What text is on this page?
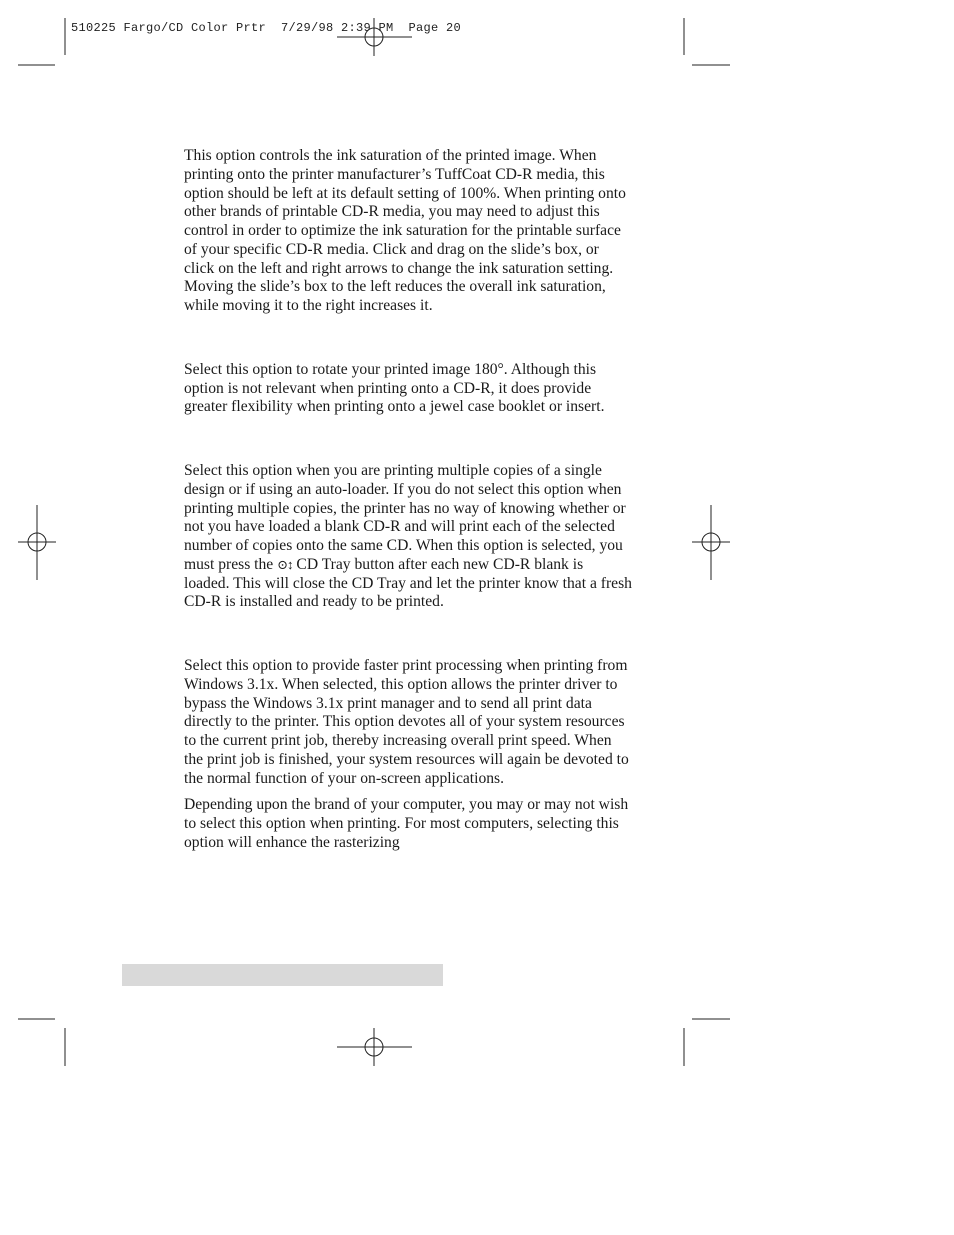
510225 Fargo/CD Color Prtr  7/29/98 2:39 PM  Page 20

This option controls the ink saturation of the printed image. When printing onto the printer manufacturer’s TuffCoat CD-R media, this option should be left at its default setting of 100%. When printing onto other brands of printable CD-R media, you may need to adjust this control in order to optimize the ink saturation for the printable surface of your specific CD-R media. Click and drag on the slide’s box, or click on the left and right arrows to change the ink saturation setting. Moving the slide’s box to the left reduces the overall ink saturation, while moving it to the right increases it.

Select this option to rotate your printed image 180°. Although this option is not relevant when printing onto a CD-R, it does provide greater flexibility when printing onto a jewel case booklet or insert.

Select this option when you are printing multiple copies of a single design or if using an auto-loader. If you do not select this option when printing multiple copies, the printer has no way of knowing whether or not you have loaded a blank CD-R and will print each of the selected number of copies onto the same CD. When this option is selected, you must press the ⊙↕ CD Tray button after each new CD-R blank is loaded. This will close the CD Tray and let the printer know that a fresh CD-R is installed and ready to be printed.

Select this option to provide faster print processing when printing from Windows 3.1x. When selected, this option allows the printer driver to bypass the Windows 3.1x print manager and to send all print data directly to the printer. This option devotes all of your system resources to the current print job, thereby increasing overall print speed. When the print job is finished, your system resources will again be devoted to the normal function of your on-screen applications.

Depending upon the brand of your computer, you may or may not wish to select this option when printing. For most computers, selecting this option will enhance the rasterizing
